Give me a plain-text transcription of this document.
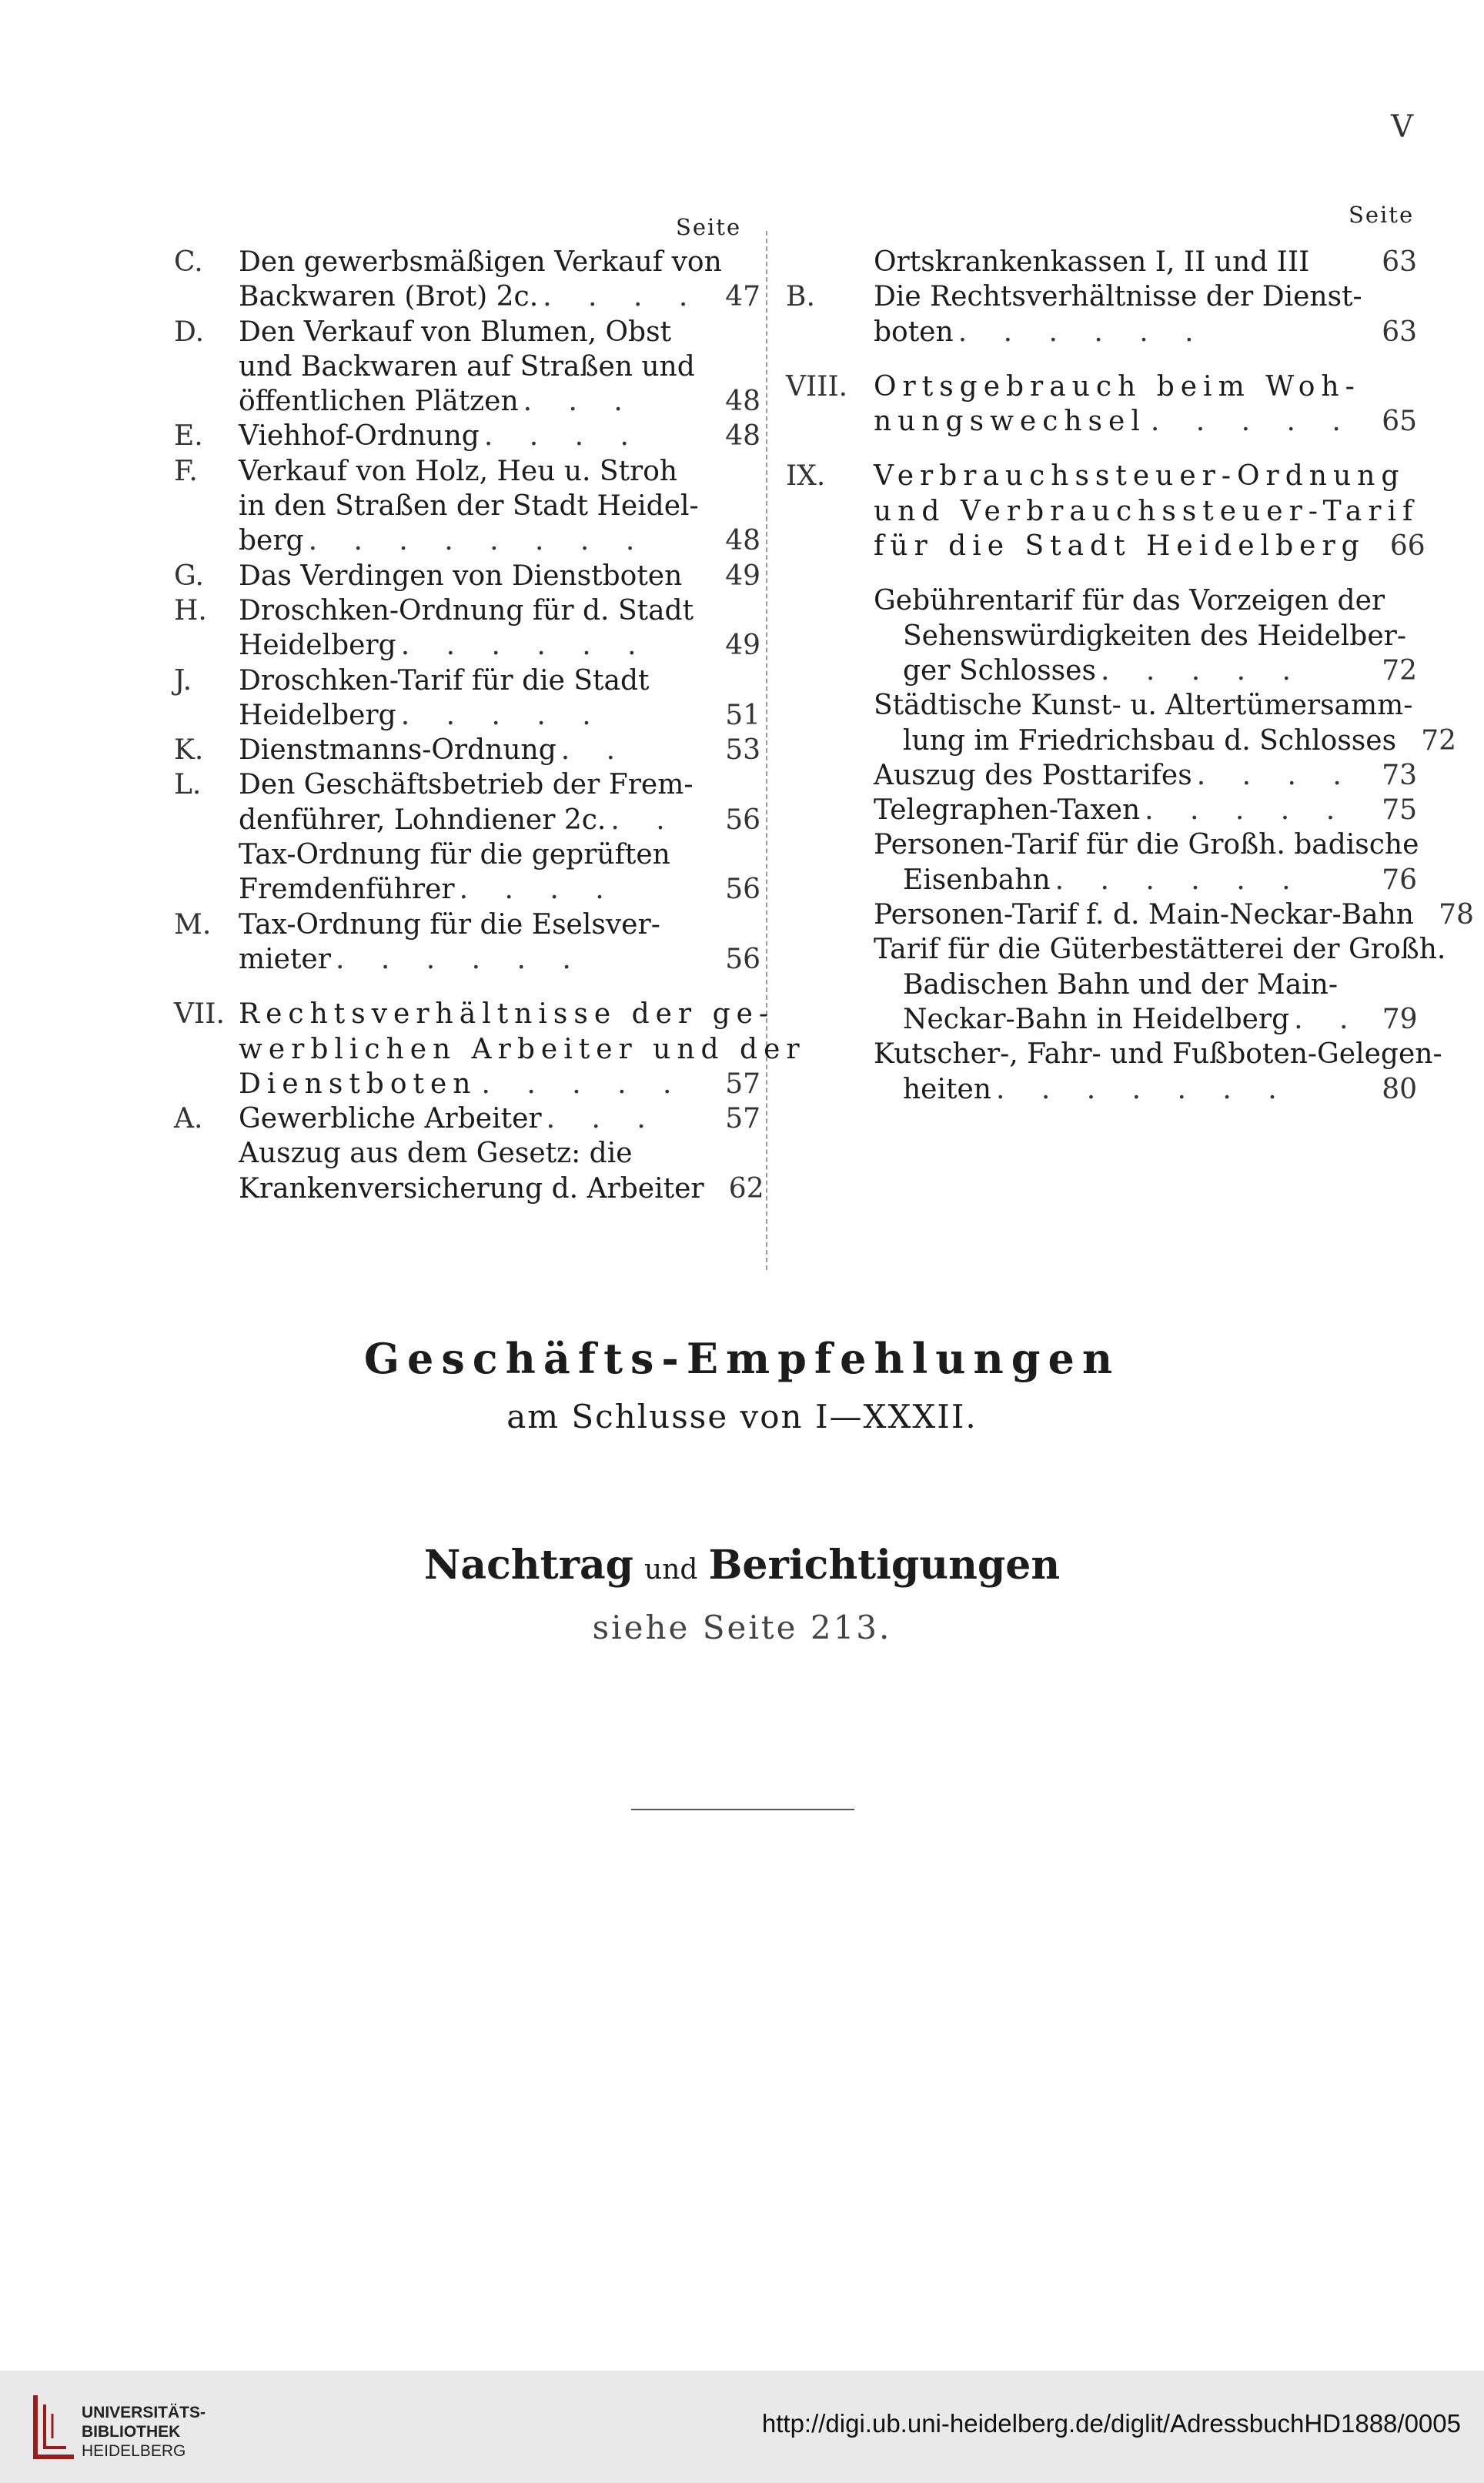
V
Seite	Seite
C.	Den gewerbsmäßigen Verkauf von
Backwaren (Brot) 2c. . . . . 47
D.	Den Verkauf von Blumen, Obst
und Backwaren auf Straßen und
öffentlichen Plätzen . . .	48
E.	Viehhof-Ordnung . . . .	48
F.	Verkauf von Holz, Heu u. Stroh
in den Straßen der Stadt Heidel-
berg . . . . . . . .	48
G.	Das Verdingen von Dienstboten	49
H.	Droschken-Ordnung für d. Stadt
Heidelberg . . . . . .	49
J.	Droschken-Tarif für die Stadt
Heidelberg . . . . .	51
K.	Dienstmanns-Ordnung . .	53
L.	Den Geschäftsbetrieb der Frem-
denführer, Lohndiener 2c. . .	56
Tax-Ordnung für die geprüften
Fremdenführer . . . .	56
M. Tax-Ordnung für die Eselsver-
mieter . . . . . .	56
VII. Rechtsverhältnisse der ge-
werblichen Arbeiter und der
Dienstboten . . . . .	57
A.	Gewerbliche Arbeiter . . .	57
Auszug aus dem Gesetz: die
Krankenversicherung d. Arbeiter 62
Ortskrankenkassen I, II und III	63
B.	Die Rechtsverhältnisse der Dienst-
boten . . . . . .	63
VIII. Ortsgebrauch beim Woh-
nungswechsel . . . . . 65
IX.	Verbrauchssteuer-Ordnung
und Verbrauchssteuer-Tarif
für die Stadt Heidelberg 66
Gebührentarif für das Vorzeigen der
Sehenswürdigkeiten des Heidelber-
ger Schlosses . . . . .	72
Städtische Kunst- u. Altertümersamm-
lung im Friedrichsbau d. Schlosses 72
Auszug des Posttarifes . . . . 73
Telegraphen-Taxen . . . . .	75
Personen-Tarif für die Großh. badische
Eisenbahn . . . . . .	76
Personen-Tarif f. d. Main-Neckar-Bahn 78
Tarif für die Güterbestätterei der Großh.
Badischen Bahn und der Main-
Neckar-Bahn in Heidelberg . . 79
Kutscher-, Fahr- und Fußboten-Gelegen-
heiten . . . . . . .	80
Geschäfts-Empfehlungen
am Schlusse von I—XXXII.
Nachtrag und Berichtigungen
siehe Seite 213.
UNIVERSITÄTS-
BIBLIOTHEK
HEIDELBERG
http://digi.ub.uni-heidelberg.de/diglit/AdressbuchHD1888/0005
